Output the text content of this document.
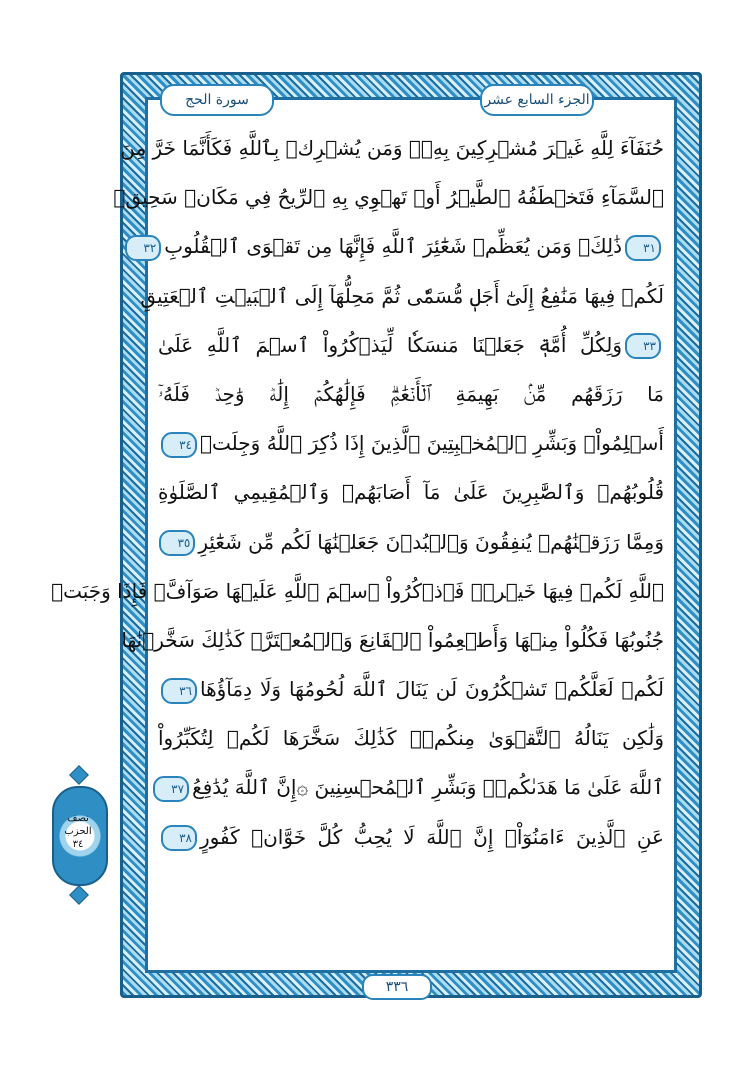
حُنَفَآءَ لِلَّهِ غَيۡرَ مُشۡرِكِينَ بِهِۦۚ وَمَن يُشۡرِكۡ بِٱللَّهِ فَكَأَنَّمَا خَرَّ مِنَ
ٱلسَّمَآءِ فَتَخۡطَفُهُ ٱلطَّيۡرُ أَوۡ تَهۡوِي بِهِ ٱلرِّيحُ فِي مَكَانٖ سَحِيقٖ
٣١ذَٰلِكَۖ وَمَن يُعَظِّمۡ شَعَٰٓئِرَ ٱللَّهِ فَإِنَّهَا مِن تَقۡوَى ٱلۡقُلُوبِ٣٢
لَكُمۡ فِيهَا مَنَٰفِعُ إِلَىٰٓ أَجَلٖ مُّسَمّٗى ثُمَّ مَحِلُّهَآ إِلَى ٱلۡبَيۡتِ ٱلۡعَتِيقِ
٣٣وَلِكُلِّ أُمَّةٖ جَعَلۡنَا مَنسَكٗا لِّيَذۡكُرُواْ ٱسۡمَ ٱللَّهِ عَلَىٰ
مَا رَزَقَهُم مِّنۢ بَهِيمَةِ ٱلۡأَنۡعَٰمِۗ فَإِلَٰهُكُمۡ إِلَٰهٞ وَٰحِدٞ فَلَهُۥٓ
أَسۡلِمُواْۗ وَبَشِّرِ ٱلۡمُخۡبِتِينَ ٱلَّذِينَ إِذَا ذُكِرَ ٱللَّهُ وَجِلَتۡ٣٤
قُلُوبُهُمۡ وَٱلصَّٰبِرِينَ عَلَىٰ مَآ أَصَابَهُمۡ وَٱلۡمُقِيمِي ٱلصَّلَوٰةِ
وَمِمَّا رَزَقۡنَٰهُمۡ يُنفِقُونَ وَٱلۡبُدۡنَ جَعَلۡنَٰهَا لَكُم مِّن شَعَٰٓئِرِ٣٥
ٱللَّهِ لَكُمۡ فِيهَا خَيۡرٞۖ فَٱذۡكُرُواْ ٱسۡمَ ٱللَّهِ عَلَيۡهَا صَوَآفَّۖ فَإِذَا وَجَبَتۡ
جُنُوبُهَا فَكُلُواْ مِنۡهَا وَأَطۡعِمُواْ ٱلۡقَانِعَ وَٱلۡمُعۡتَرَّۚ كَذَٰلِكَ سَخَّرۡنَٰهَا
لَكُمۡ لَعَلَّكُمۡ تَشۡكُرُونَ لَن يَنَالَ ٱللَّهَ لُحُومُهَا وَلَا دِمَآؤُهَا٣٦
وَلَٰكِن يَنَالُهُ ٱلتَّقۡوَىٰ مِنكُمۡۚ كَذَٰلِكَ سَخَّرَهَا لَكُمۡ لِتُكَبِّرُواْ
ٱللَّهَ عَلَىٰ مَا هَدَىٰكُمۡۗ وَبَشِّرِ ٱلۡمُحۡسِنِينَ ۞إِنَّ ٱللَّهَ يُدَٰفِعُ٣٧
عَنِ ٱلَّذِينَ ءَامَنُوٓاْۗ إِنَّ ٱللَّهَ لَا يُحِبُّ كُلَّ خَوَّانٖ كَفُورٍ٣٨
الجزء السابع عشر
سورة الحج
٣٣٦
نصف
الحزب
٣٤
